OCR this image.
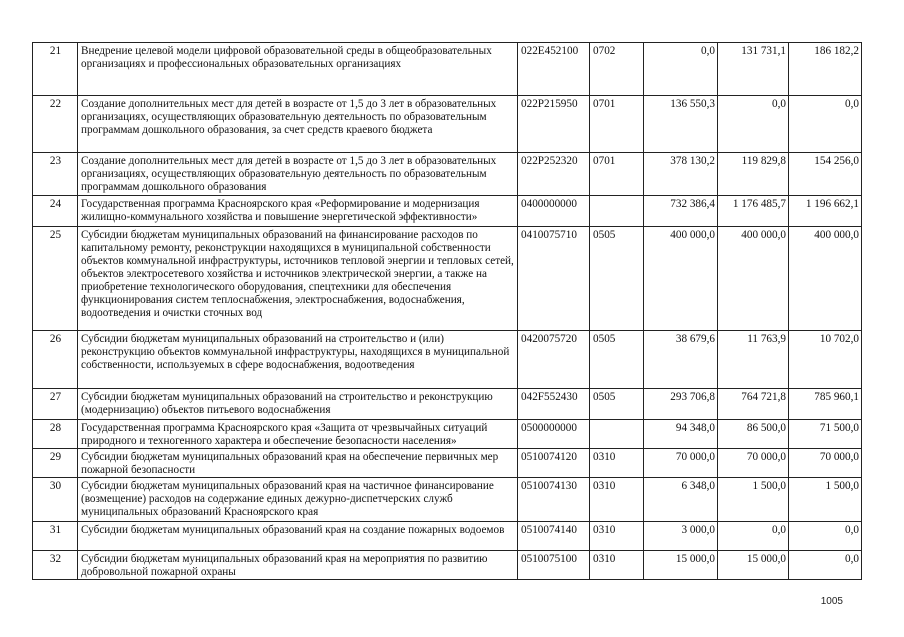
21	Внедрение целевой модели цифровой образовательной среды в общеобразовательных организациях и профессиональных образовательных организациях	022E452100	0702	0,0	131 731,1	186 182,2
22	Создание дополнительных мест для детей в возрасте от 1,5 до 3 лет в образовательных организациях, осуществляющих образовательную деятельность по образовательным программам дошкольного образования, за счет средств краевого бюджета	022P215950	0701	136 550,3	0,0	0,0
23	Создание дополнительных мест для детей в возрасте от 1,5 до 3 лет в образовательных организациях, осуществляющих образовательную деятельность по образовательным программам дошкольного образования	022P252320	0701	378 130,2	119 829,8	154 256,0
24	Государственная программа Красноярского края «Реформирование и модернизация жилищно-коммунального хозяйства и повышение энергетической эффективности»	0400000000		732 386,4	1 176 485,7	1 196 662,1
25	Субсидии бюджетам муниципальных образований на финансирование расходов по капитальному ремонту, реконструкции находящихся в муниципальной собственности объектов коммунальной инфраструктуры, источников тепловой энергии и тепловых сетей, объектов электросетевого хозяйства и источников электрической энергии, а также на приобретение технологического оборудования, спецтехники для обеспечения функционирования систем теплоснабжения, электроснабжения, водоснабжения, водоотведения и очистки сточных вод	0410075710	0505	400 000,0	400 000,0	400 000,0
26	Субсидии бюджетам муниципальных образований на строительство и (или) реконструкцию объектов коммунальной инфраструктуры, находящихся в муниципальной собственности, используемых в сфере водоснабжения, водоотведения	0420075720	0505	38 679,6	11 763,9	10 702,0
27	Субсидии бюджетам муниципальных образований на строительство и реконструкцию (модернизацию) объектов питьевого водоснабжения	042F552430	0505	293 706,8	764 721,8	785 960,1
28	Государственная программа Красноярского края «Защита от чрезвычайных ситуаций природного и техногенного характера и обеспечение безопасности населения»	0500000000		94 348,0	86 500,0	71 500,0
29	Субсидии бюджетам муниципальных образований края на обеспечение первичных мер пожарной безопасности	0510074120	0310	70 000,0	70 000,0	70 000,0
30	Субсидии бюджетам муниципальных образований края на частичное финансирование (возмещение) расходов на содержание единых дежурно-диспетчерских служб муниципальных образований Красноярского края	0510074130	0310	6 348,0	1 500,0	1 500,0
31	Субсидии бюджетам муниципальных образований края на создание пожарных водоемов	0510074140	0310	3 000,0	0,0	0,0
32	Субсидии бюджетам муниципальных образований края на мероприятия по развитию добровольной пожарной охраны	0510075100	0310	15 000,0	15 000,0	0,0
1005
